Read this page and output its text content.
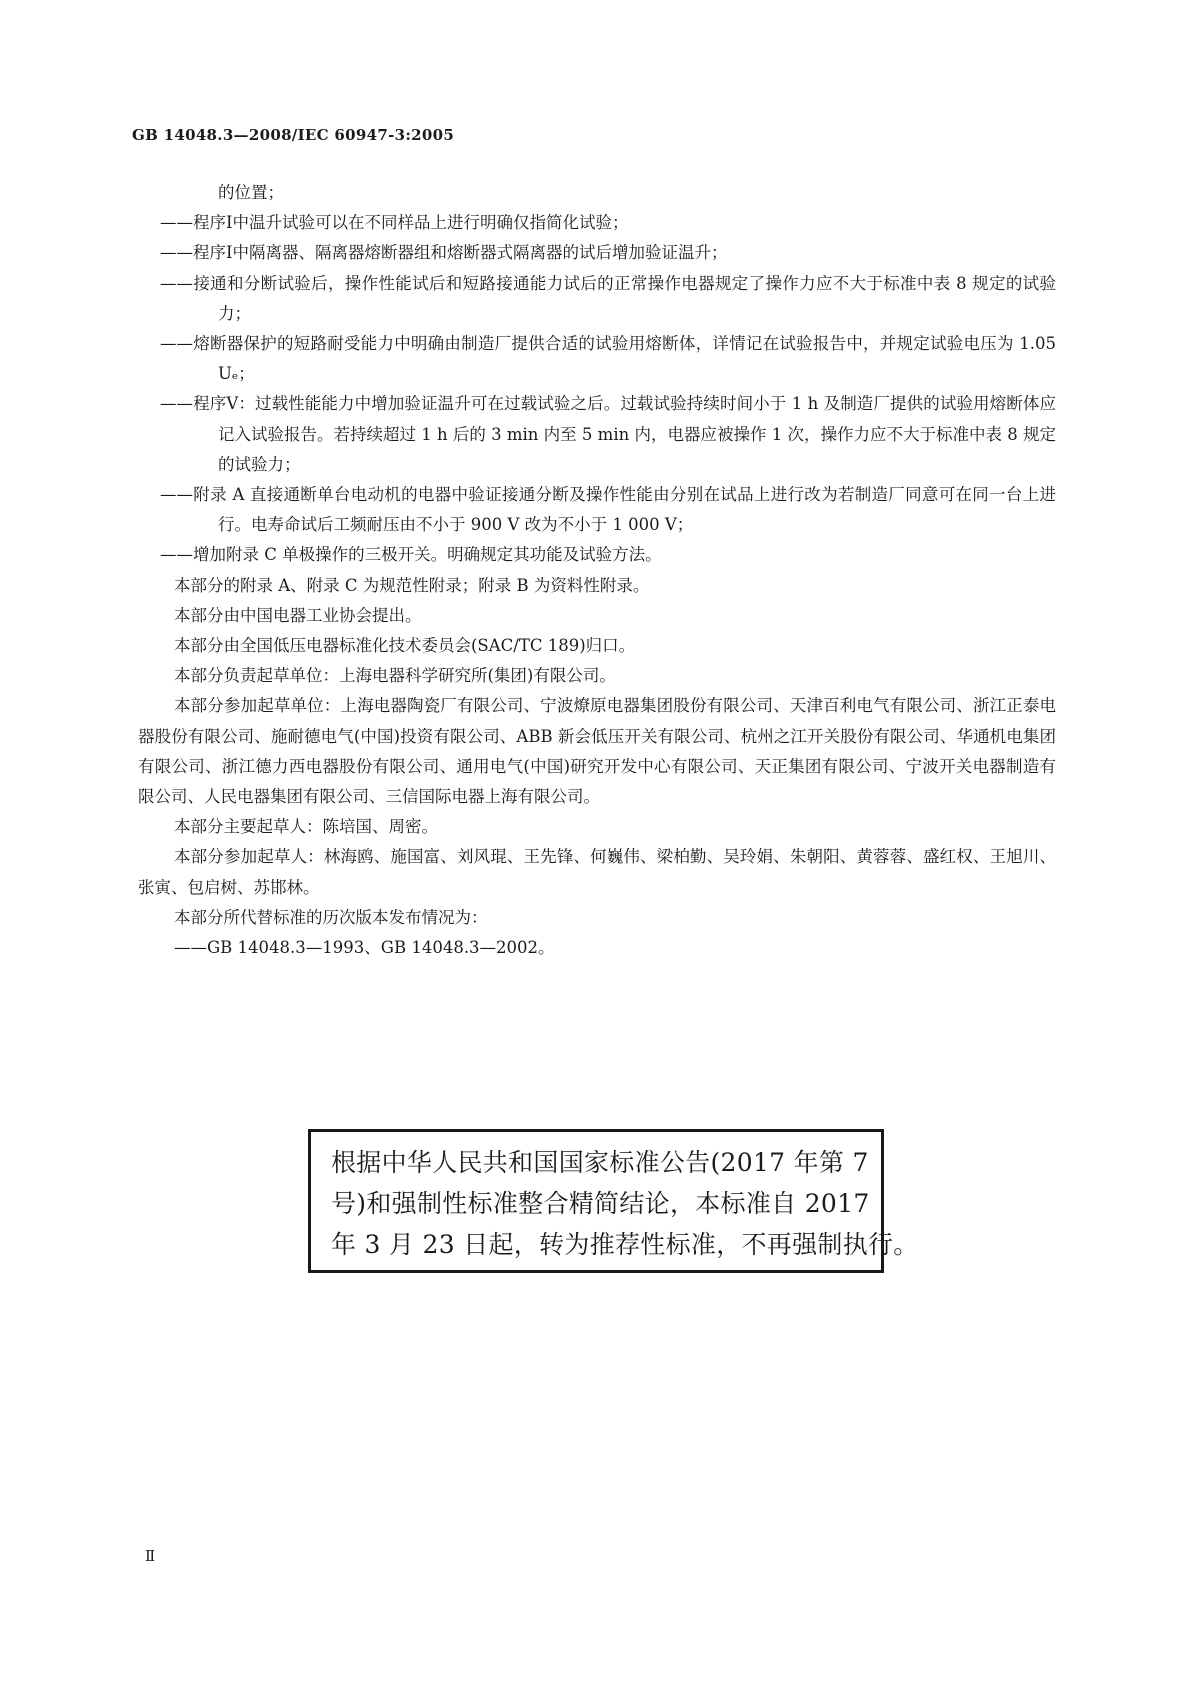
GB 14048.3—2008/IEC 60947-3:2005

的位置；

——程序Ⅰ中温升试验可以在不同样品上进行明确仅指简化试验；

——程序Ⅰ中隔离器、隔离器熔断器组和熔断器式隔离器的试后增加验证温升；

——接通和分断试验后，操作性能试后和短路接通能力试后的正常操作电器规定了操作力应不大于标准中表 8 规定的试验力；

——熔断器保护的短路耐受能力中明确由制造厂提供合适的试验用熔断体，详情记在试验报告中，并规定试验电压为 1.05 Uₑ；

——程序Ⅴ：过载性能能力中增加验证温升可在过载试验之后。过载试验持续时间小于 1 h 及制造厂提供的试验用熔断体应记入试验报告。若持续超过 1 h 后的 3 min 内至 5 min 内，电器应被操作 1 次，操作力应不大于标准中表 8 规定的试验力；

——附录 A 直接通断单台电动机的电器中验证接通分断及操作性能由分别在试品上进行改为若制造厂同意可在同一台上进行。电寿命试后工频耐压由不小于 900 V 改为不小于 1 000 V；

——增加附录 C 单极操作的三极开关。明确规定其功能及试验方法。

本部分的附录 A、附录 C 为规范性附录；附录 B 为资料性附录。

本部分由中国电器工业协会提出。

本部分由全国低压电器标准化技术委员会(SAC/TC 189)归口。

本部分负责起草单位：上海电器科学研究所(集团)有限公司。

本部分参加起草单位：上海电器陶瓷厂有限公司、宁波燎原电器集团股份有限公司、天津百利电气有限公司、浙江正泰电器股份有限公司、施耐德电气(中国)投资有限公司、ABB 新会低压开关有限公司、杭州之江开关股份有限公司、华通机电集团有限公司、浙江德力西电器股份有限公司、通用电气(中国)研究开发中心有限公司、天正集团有限公司、宁波开关电器制造有限公司、人民电器集团有限公司、三信国际电器上海有限公司。

本部分主要起草人：陈培国、周密。

本部分参加起草人：林海鸥、施国富、刘风琨、王先锋、何巍伟、梁柏勤、吴玲娟、朱朝阳、黄蓉蓉、盛红权、王旭川、张寅、包启树、苏邯林。

本部分所代替标准的历次版本发布情况为：

——GB 14048.3—1993、GB 14048.3—2002。

根据中华人民共和国国家标准公告(2017 年第 7

号)和强制性标准整合精简结论，本标准自 2017

年 3 月 23 日起，转为推荐性标准，不再强制执行。

Ⅱ
